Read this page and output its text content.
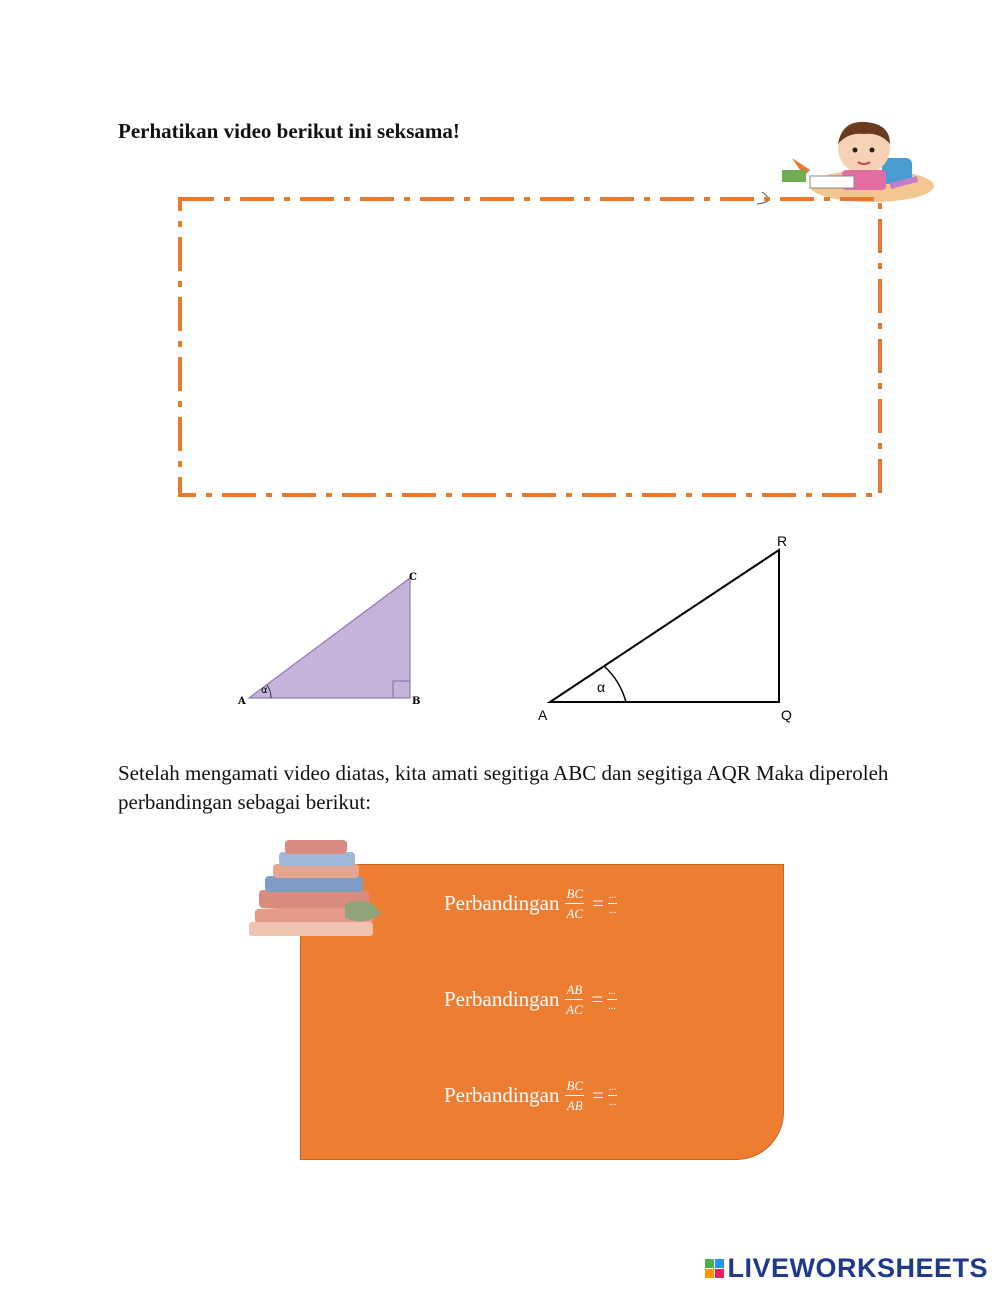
Perhatikan video berikut ini seksama!
α
A	B
C
α
A	Q
R
Setelah mengamati video diatas, kita amati segitiga ABC dan segitiga AQR Maka diperoleh perbandingan sebagai berikut:
Perbandingan $\frac{BC}{AC} = \frac{...}{...}$
Perbandingan $\frac{AB}{AC} = \frac{...}{...}$
Perbandingan $\frac{BC}{AB} = \frac{...}{...}$
LIVEWORKSHEETS
